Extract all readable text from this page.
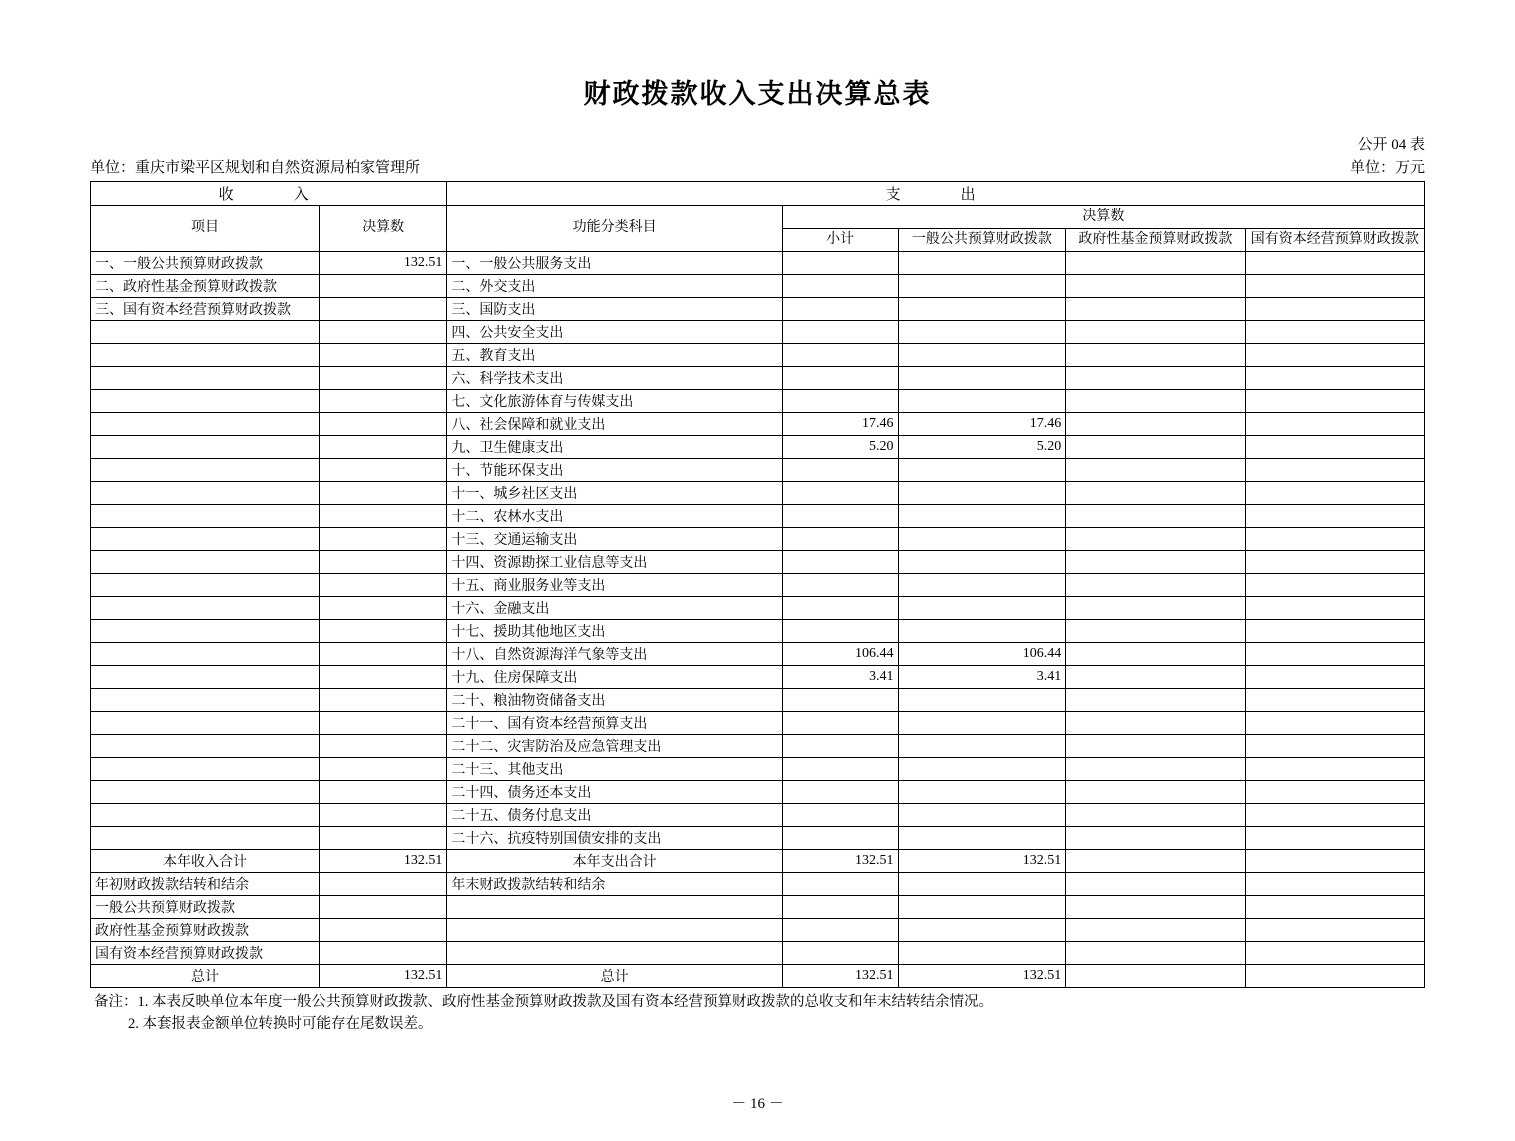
财政拨款收入支出决算总表
公开 04 表
单位：重庆市梁平区规划和自然资源局柏家管理所	单位：万元
收　　入		支　　出				
项目	决算数	功能分类科目	决算数			
			小计	一般公共预算财政拨款	政府性基金预算财政拨款	国有资本经营预算财政拨款
一、一般公共预算财政拨款	132.51	一、一般公共服务支出				
二、政府性基金预算财政拨款		二、外交支出				
三、国有资本经营预算财政拨款		三、国防支出				
		四、公共安全支出				
		五、教育支出				
		六、科学技术支出				
		七、文化旅游体育与传媒支出				
		八、社会保障和就业支出	17.46	17.46		
		九、卫生健康支出	5.20	5.20		
		十、节能环保支出				
		十一、城乡社区支出				
		十二、农林水支出				
		十三、交通运输支出				
		十四、资源勘探工业信息等支出				
		十五、商业服务业等支出				
		十六、金融支出				
		十七、援助其他地区支出				
		十八、自然资源海洋气象等支出	106.44	106.44		
		十九、住房保障支出	3.41	3.41		
		二十、粮油物资储备支出				
		二十一、国有资本经营预算支出				
		二十二、灾害防治及应急管理支出				
		二十三、其他支出				
		二十四、债务还本支出				
		二十五、债务付息支出				
		二十六、抗疫特别国债安排的支出				
本年收入合计	132.51	本年支出合计	132.51	132.51		
年初财政拨款结转和结余		年末财政拨款结转和结余				
一般公共预算财政拨款						
政府性基金预算财政拨款						
国有资本经营预算财政拨款						
总计	132.51	总计	132.51	132.51		
备注：1. 本表反映单位本年度一般公共预算财政拨款、政府性基金预算财政拨款及国有资本经营预算财政拨款的总收支和年末结转结余情况。
2. 本套报表金额单位转换时可能存在尾数误差。
－ 16 －
